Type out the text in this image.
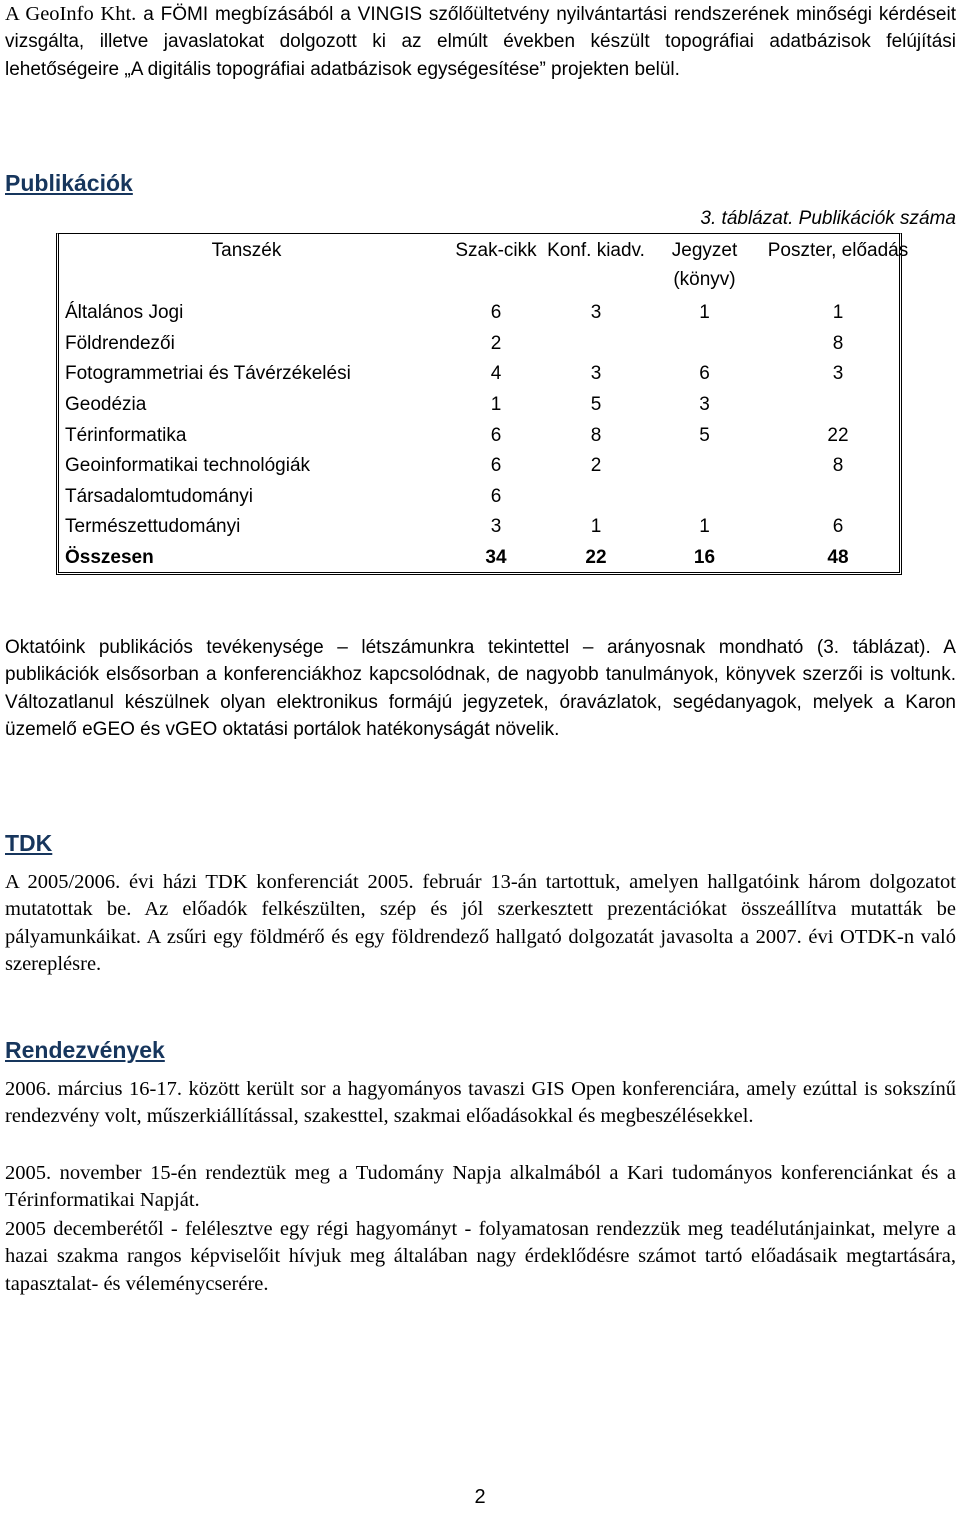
A GeoInfo Kht. a FÖMI megbízásából a VINGIS szőlőültetvény nyilvántartási rendszerének minőségi kérdéseit vizsgálta, illetve javaslatokat dolgozott ki az elmúlt években készült topográfiai adatbázisok felújítási lehetőségeire „A digitális topográfiai adatbázisok egységesítése” projekten belül.
Publikációk
3. táblázat. Publikációk száma
Tanszék	Szak-cikk	Konf. kiadv.	Jegyzet (könyv)	Poszter, előadás
Általános Jogi	6	3	1	1
Földrendezői	2			8
Fotogrammetriai és Távérzékelési	4	3	6	3
Geodézia	1	5	3	
Térinformatika	6	8	5	22
Geoinformatikai technológiák	6	2		8
Társadalomtudományi	6			
Természettudományi	3	1	1	6
Összesen	34	22	16	48
Oktatóink publikációs tevékenysége – létszámunkra tekintettel – arányosnak mondható (3. táblázat). A publikációk elsősorban a konferenciákhoz kapcsolódnak, de nagyobb tanulmányok, könyvek szerzői is voltunk. Változatlanul készülnek olyan elektronikus formájú jegyzetek, óravázlatok, segédanyagok, melyek a Karon üzemelő eGEO és vGEO oktatási portálok hatékonyságát növelik.
TDK
A 2005/2006. évi házi TDK konferenciát 2005. február 13-án tartottuk, amelyen hallgatóink három dolgozatot mutatottak be. Az előadók felkészülten, szép és jól szerkesztett prezentációkat összeállítva mutatták be pályamunkáikat. A zsűri egy földmérő és egy földrendező hallgató dolgozatát javasolta a 2007. évi OTDK-n való szereplésre.
Rendezvények
2006. március 16-17. között került sor a hagyományos tavaszi GIS Open konferenciára, amely ezúttal is sokszínű rendezvény volt, műszerkiállítással, szakesttel, szakmai előadásokkal és megbeszélésekkel.
2005. november 15-én rendeztük meg a Tudomány Napja alkalmából a Kari tudományos konferenciánkat és a Térinformatikai Napját.
2005 decemberétől - felélesztve egy régi hagyományt - folyamatosan rendezzük meg teadélutánjainkat, melyre a hazai szakma rangos képviselőit hívjuk meg általában nagy érdeklődésre számot tartó előadásaik megtartására, tapasztalat- és véleménycserére.
2
